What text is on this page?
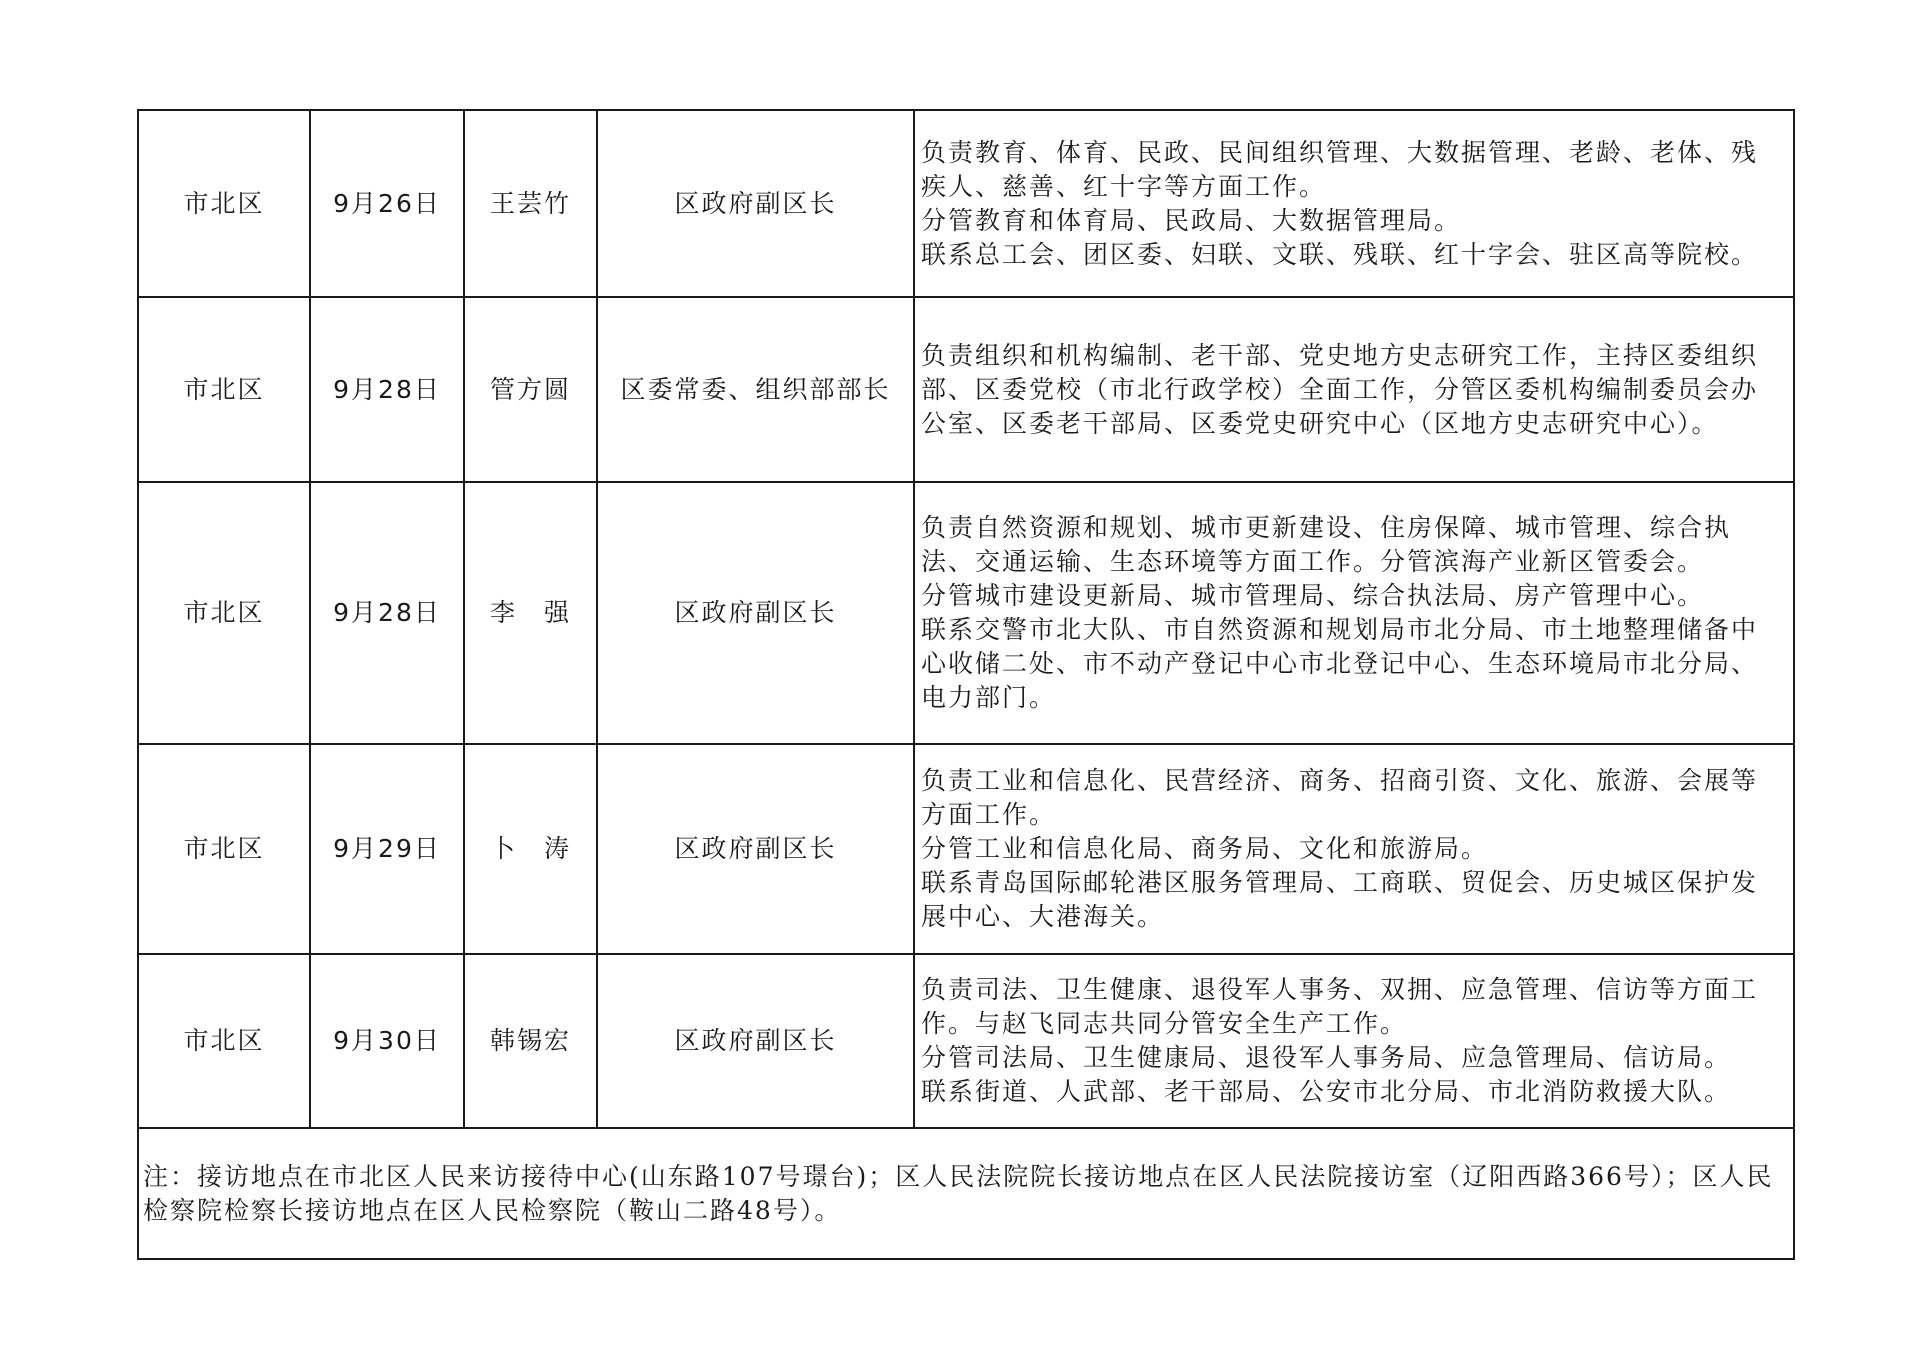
市北区	9月26日	王芸竹	区政府副区长	负责教育、体育、民政、民间组织管理、大数据管理、老龄、老体、残疾人、慈善、红十字等方面工作。
分管教育和体育局、民政局、大数据管理局。
联系总工会、团区委、妇联、文联、残联、红十字会、驻区高等院校。

市北区	9月28日	管方圆	区委常委、组织部部长	负责组织和机构编制、老干部、党史地方史志研究工作，主持区委组织部、区委党校（市北行政学校）全面工作，分管区委机构编制委员会办公室、区委老干部局、区委党史研究中心（区地方史志研究中心）。

市北区	9月28日	李　强	区政府副区长	负责自然资源和规划、城市更新建设、住房保障、城市管理、综合执法、交通运输、生态环境等方面工作。分管滨海产业新区管委会。
分管城市建设更新局、城市管理局、综合执法局、房产管理中心。
联系交警市北大队、市自然资源和规划局市北分局、市土地整理储备中心收储二处、市不动产登记中心市北登记中心、生态环境局市北分局、电力部门。

市北区	9月29日	卜　涛	区政府副区长	负责工业和信息化、民营经济、商务、招商引资、文化、旅游、会展等方面工作。
分管工业和信息化局、商务局、文化和旅游局。
联系青岛国际邮轮港区服务管理局、工商联、贸促会、历史城区保护发展中心、大港海关。

市北区	9月30日	韩锡宏	区政府副区长	负责司法、卫生健康、退役军人事务、双拥、应急管理、信访等方面工作。与赵飞同志共同分管安全生产工作。
分管司法局、卫生健康局、退役军人事务局、应急管理局、信访局。
联系街道、人武部、老干部局、公安市北分局、市北消防救援大队。

注：接访地点在市北区人民来访接待中心(山东路107号璟台)；区人民法院院长接访地点在区人民法院接访室（辽阳西路366号）；区人民检察院检察长接访地点在区人民检察院（鞍山二路48号）。				
